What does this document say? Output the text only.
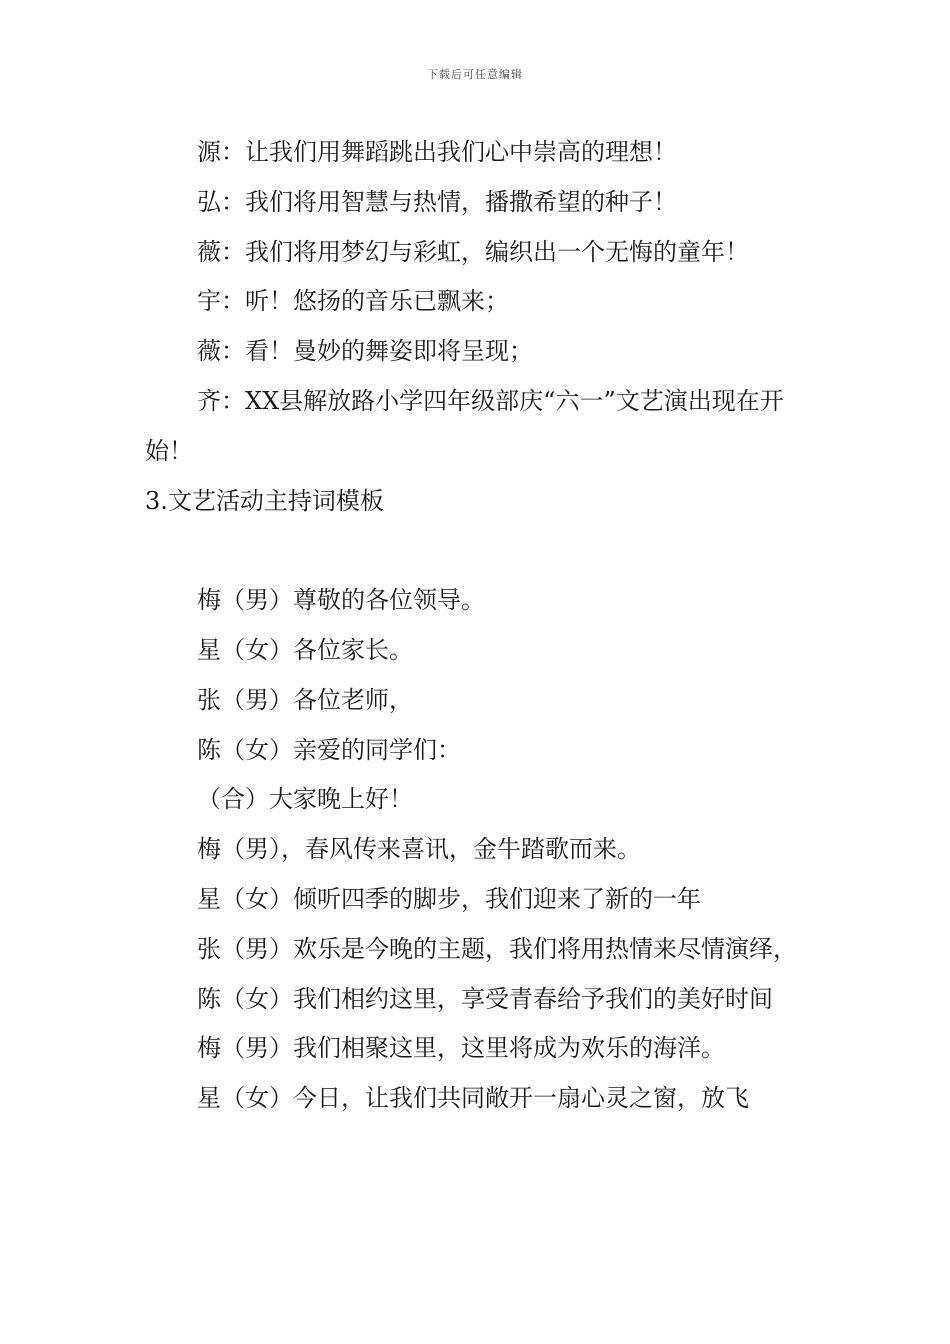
下载后可任意编辑

源：让我们用舞蹈跳出我们心中崇高的理想！

弘：我们将用智慧与热情，播撒希望的种子！

薇：我们将用梦幻与彩虹，编织出一个无悔的童年！

宇：听！悠扬的音乐已飘来；

薇：看！曼妙的舞姿即将呈现；

齐：XX县解放路小学四年级部庆“六一”文艺演出现在开始！

3.文艺活动主持词模板

梅（男）尊敬的各位领导。

星（女）各位家长。

张（男）各位老师，

陈（女）亲爱的同学们：

（合）大家晚上好！

梅（男），春风传来喜讯，金牛踏歌而来。

星（女）倾听四季的脚步，我们迎来了新的一年

张（男）欢乐是今晚的主题，我们将用热情来尽情演绎，

陈（女）我们相约这里，享受青春给予我们的美好时间

梅（男）我们相聚这里，这里将成为欢乐的海洋。

星（女）今日，让我们共同敞开一扇心灵之窗，放飞
